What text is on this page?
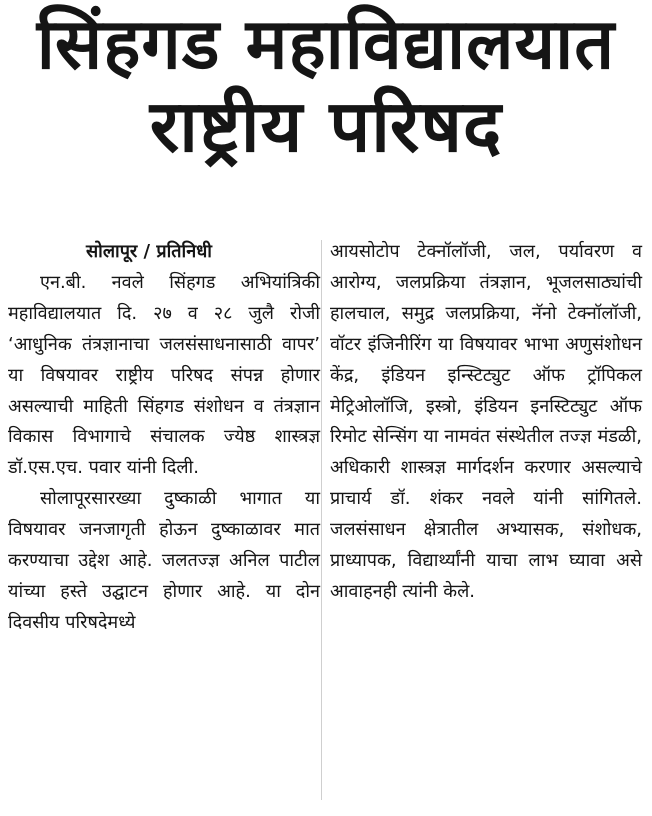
सिंहगड महाविद्यालयात
राष्ट्रीय परिषद
सोलापूर / प्रतिनिधी

एन.बी. नवले सिंहगड अभियांत्रिकी महाविद्यालयात दि. २७ व २८ जुलै रोजी ‘आधुनिक तंत्रज्ञानाचा जलसंसाधनासाठी वापर’ या विषयावर राष्ट्रीय परिषद संपन्न होणार असल्याची माहिती सिंहगड संशोधन व तंत्रज्ञान विकास विभागाचे संचालक ज्येष्ठ शास्त्रज्ञ डॉ.एस.एच. पवार यांनी दिली.

सोलापूरसारख्या दुष्काळी भागात या विषयावर जनजागृती होऊन दुष्काळावर मात करण्याचा उद्देश आहे. जलतज्ज्ञ अनिल पाटील यांच्या हस्ते उद्घाटन होणार आहे. या दोन दिवसीय परिषदेमध्ये

आयसोटोप टेक्नॉलॉजी, जल, पर्यावरण व आरोग्य, जलप्रक्रिया तंत्रज्ञान, भूजलसाठ्यांची हालचाल, समुद्र जलप्रक्रिया, नॅनो टेक्नॉलॉजी, वॉटर इंजिनीरिंग या विषयावर भाभा अणुसंशोधन केंद्र, इंडियन इन्स्टिट्युट ऑफ ट्रॉपिकल मेट्रिओलॉजि, इस्त्रो, इंडियन इनस्टिट्युट ऑफ रिमोट सेन्सिंग या नामवंत संस्थेतील तज्ज्ञ मंडळी, अधिकारी शास्त्रज्ञ मार्गदर्शन करणार असल्याचे प्राचार्य डॉ. शंकर नवले यांनी सांगितले. जलसंसाधन क्षेत्रातील अभ्यासक, संशोधक, प्राध्यापक, विद्यार्थ्यांनी याचा लाभ घ्यावा असे आवाहनही त्यांनी केले.
